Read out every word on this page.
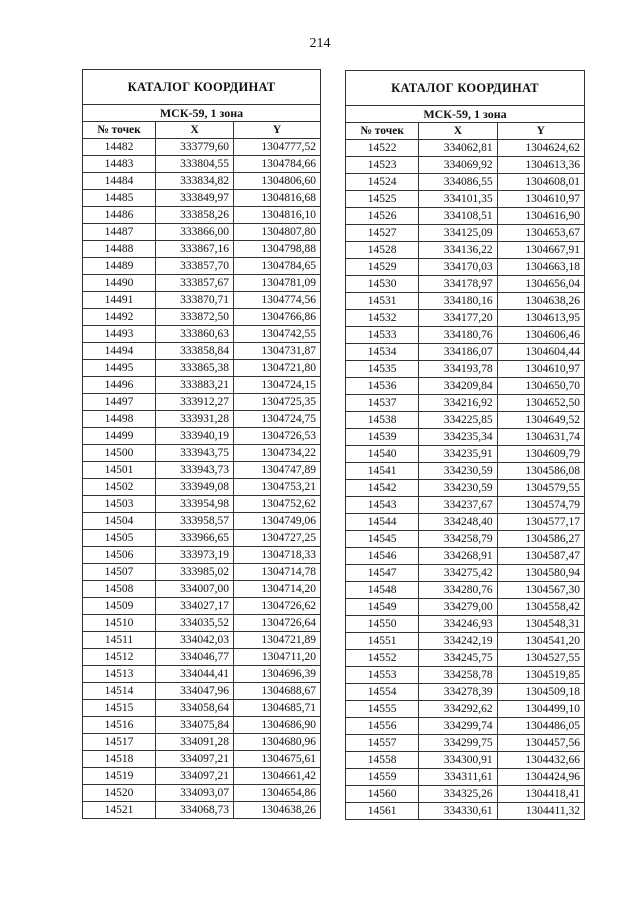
214
КАТАЛОГ КООРДИНАТ		
МСК-59, 1 зона		
№ точек	X	Y
14482	333779,60	1304777,52
14483	333804,55	1304784,66
14484	333834,82	1304806,60
14485	333849,97	1304816,68
14486	333858,26	1304816,10
14487	333866,00	1304807,80
14488	333867,16	1304798,88
14489	333857,70	1304784,65
14490	333857,67	1304781,09
14491	333870,71	1304774,56
14492	333872,50	1304766,86
14493	333860,63	1304742,55
14494	333858,84	1304731,87
14495	333865,38	1304721,80
14496	333883,21	1304724,15
14497	333912,27	1304725,35
14498	333931,28	1304724,75
14499	333940,19	1304726,53
14500	333943,75	1304734,22
14501	333943,73	1304747,89
14502	333949,08	1304753,21
14503	333954,98	1304752,62
14504	333958,57	1304749,06
14505	333966,65	1304727,25
14506	333973,19	1304718,33
14507	333985,02	1304714,78
14508	334007,00	1304714,20
14509	334027,17	1304726,62
14510	334035,52	1304726,64
14511	334042,03	1304721,89
14512	334046,77	1304711,20
14513	334044,41	1304696,39
14514	334047,96	1304688,67
14515	334058,64	1304685,71
14516	334075,84	1304686,90
14517	334091,28	1304680,96
14518	334097,21	1304675,61
14519	334097,21	1304661,42
14520	334093,07	1304654,86
14521	334068,73	1304638,26
КАТАЛОГ КООРДИНАТ		
МСК-59, 1 зона		
№ точек	X	Y
14522	334062,81	1304624,62
14523	334069,92	1304613,36
14524	334086,55	1304608,01
14525	334101,35	1304610,97
14526	334108,51	1304616,90
14527	334125,09	1304653,67
14528	334136,22	1304667,91
14529	334170,03	1304663,18
14530	334178,97	1304656,04
14531	334180,16	1304638,26
14532	334177,20	1304613,95
14533	334180,76	1304606,46
14534	334186,07	1304604,44
14535	334193,78	1304610,97
14536	334209,84	1304650,70
14537	334216,92	1304652,50
14538	334225,85	1304649,52
14539	334235,34	1304631,74
14540	334235,91	1304609,79
14541	334230,59	1304586,08
14542	334230,59	1304579,55
14543	334237,67	1304574,79
14544	334248,40	1304577,17
14545	334258,79	1304586,27
14546	334268,91	1304587,47
14547	334275,42	1304580,94
14548	334280,76	1304567,30
14549	334279,00	1304558,42
14550	334246,93	1304548,31
14551	334242,19	1304541,20
14552	334245,75	1304527,55
14553	334258,78	1304519,85
14554	334278,39	1304509,18
14555	334292,62	1304499,10
14556	334299,74	1304486,05
14557	334299,75	1304457,56
14558	334300,91	1304432,66
14559	334311,61	1304424,96
14560	334325,26	1304418,41
14561	334330,61	1304411,32
